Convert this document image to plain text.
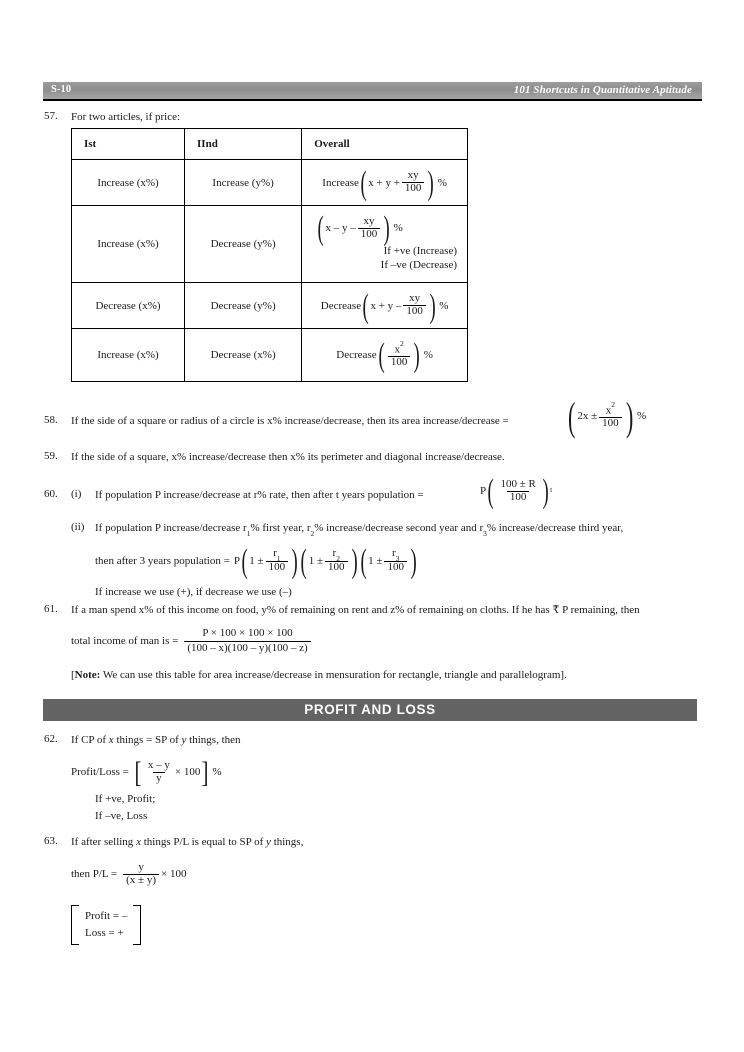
S-10	101 Shortcuts in Quantitative Aptitude
57. For two articles, if price:
Ist	IInd	Overall
Increase (x%)	Increase (y%)	Increase ( $x + y + \frac{xy}{100}$ ) %

Increase (x%)	Decrease (y%)	( x – y – $\frac{xy}{100}$ ) %
If +ve (Increase)
If –ve (Decrease)

Decrease (x%)	Decrease (y%)	Decrease ( $x + y - \frac{xy}{100}$ ) %

Increase (x%)	Decrease (x%)	Decrease ( $\frac{x^2}{100}$ ) %
58. If the side of a square or radius of a circle is x% increase/decrease, then its area increase/decrease = ( $2x \pm \frac{x^2}{100}$ ) %
59. If the side of a square, x% increase/decrease then x% its perimeter and diagonal increase/decrease.
60. (i) If population P increase/decrease at r% rate, then after t years population =	P ( $\frac{100 \pm R}{100}$ ) t
(ii) If population P increase/decrease $r_1\%$ first year, $r_2\%$ increase/decrease second year and $r_3\%$ increase/decrease third year,
then after 3 years population = P ( $1 \pm \frac{r_1}{100}$ ) ( $1 \pm \frac{r_2}{100}$ ) ( $1 \pm \frac{r_3}{100}$ )
If increase we use (+), if decrease we use (–)
61. If a man spend x% of this income on food, y% of remaining on rent and z% of remaining on cloths. If he has ₹ P remaining, then
total income of man is = $\frac{P \times 100 \times 100 \times 100}{(100 - x)(100 - y)(100 - z)}$
[Note: We can use this table for area increase/decrease in mensuration for rectangle, triangle and parallelogram].
PROFIT AND LOSS
62. If CP of x things = SP of y things, then
Profit/Loss = [ $\frac{x - y}{y} \times 100$ ] %
If +ve, Profit;
If –ve, Loss
63. If after selling x things P/L is equal to SP of y things,
then $P/L = \frac{y}{(x \pm y)} \times 100$
Profit = –
Loss = +
